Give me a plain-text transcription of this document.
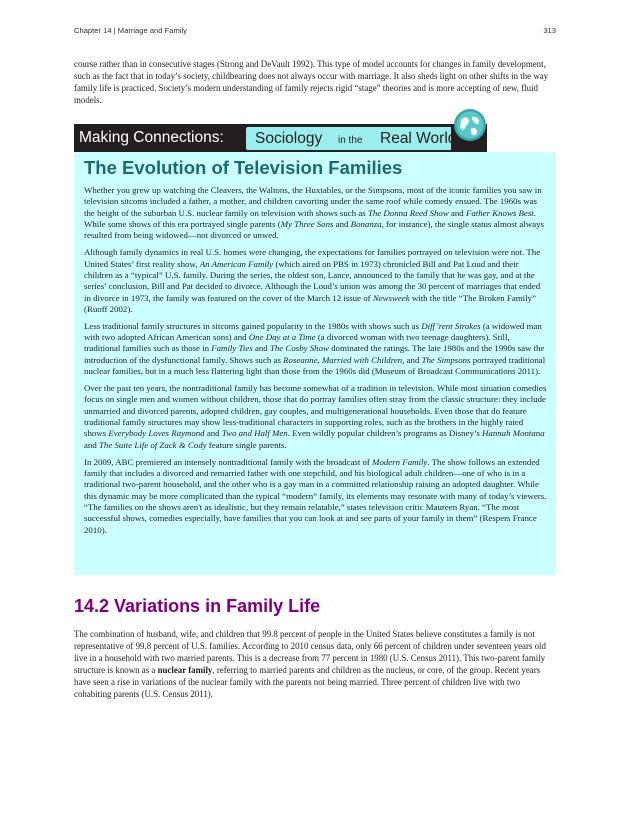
Chapter 14 | Marriage and Family	313

course rather than in consecutive stages (Strong and DeVault 1992). This type of model accounts for changes in family development, such as the fact that in today’s society, childbearing does not always occur with marriage. It also sheds light on other shifts in the way family life is practiced. Society’s modern understanding of family rejects rigid “stage” theories and is more accepting of new, fluid models.

Making Connections:	Sociology in the Real World
The Evolution of Television Families

Whether you grew up watching the Cleavers, the Waltons, the Huxtables, or the Simpsons, most of the iconic families you saw in television sitcoms included a father, a mother, and children cavorting under the same roof while comedy ensued. The 1960s was the height of the suburban U.S. nuclear family on television with shows such as The Donna Reed Show and Father Knows Best. While some shows of this era portrayed single parents (My Three Sons and Bonanza, for instance), the single status almost always resulted from being widowed—not divorced or unwed.

Although family dynamics in real U.S. homes were changing, the expectations for families portrayed on television were not. The United States’ first reality show, An American Family (which aired on PBS in 1973) chronicled Bill and Pat Loud and their children as a “typical” U.S. family. During the series, the oldest son, Lance, announced to the family that he was gay, and at the series’ conclusion, Bill and Pat decided to divorce. Although the Loud’s union was among the 30 percent of marriages that ended in divorce in 1973, the family was featured on the cover of the March 12 issue of Newsweek with the title “The Broken Family” (Ruoff 2002).

Less traditional family structures in sitcoms gained popularity in the 1980s with shows such as Diff’rent Strokes (a widowed man with two adopted African American sons) and One Day at a Time (a divorced woman with two teenage daughters). Still, traditional families such as those in Family Ties and The Cosby Show dominated the ratings. The late 1980s and the 1990s saw the introduction of the dysfunctional family. Shows such as Roseanne, Married with Children, and The Simpsons portrayed traditional nuclear families, but in a much less flattering light than those from the 1960s did (Museum of Broadcast Communications 2011).

Over the past ten years, the nontraditional family has become somewhat of a tradition in television. While most situation comedies focus on single men and women without children, those that do portray families often stray from the classic structure: they include unmarried and divorced parents, adopted children, gay couples, and multigenerational households. Even those that do feature traditional family structures may show less-traditional characters in supporting roles, such as the brothers in the highly rated shows Everybody Loves Raymond and Two and Half Men. Even wildly popular children’s programs as Disney’s Hannah Montana and The Suite Life of Zack & Cody feature single parents.

In 2009, ABC premiered an intensely nontraditional family with the broadcast of Modern Family. The show follows an extended family that includes a divorced and remarried father with one stepchild, and his biological adult children—one of who is in a traditional two-parent household, and the other who is a gay man in a committed relationship raising an adopted daughter. While this dynamic may be more complicated than the typical “modern” family, its elements may resonate with many of today’s viewers. “The families on the shows aren't as idealistic, but they remain relatable,” states television critic Maureen Ryan. “The most successful shows, comedies especially, have families that you can look at and see parts of your family in them” (Respers France 2010).

14.2 Variations in Family Life

The combination of husband, wife, and children that 99.8 percent of people in the United States believe constitutes a family is not representative of 99.8 percent of U.S. families. According to 2010 census data, only 66 percent of children under seventeen years old live in a household with two married parents. This is a decrease from 77 percent in 1980 (U.S. Census 2011). This two-parent family structure is known as a nuclear family, referring to married parents and children as the nucleus, or core, of the group. Recent years have seen a rise in variations of the nuclear family with the parents not being married. Three percent of children live with two cohabiting parents (U.S. Census 2011).
